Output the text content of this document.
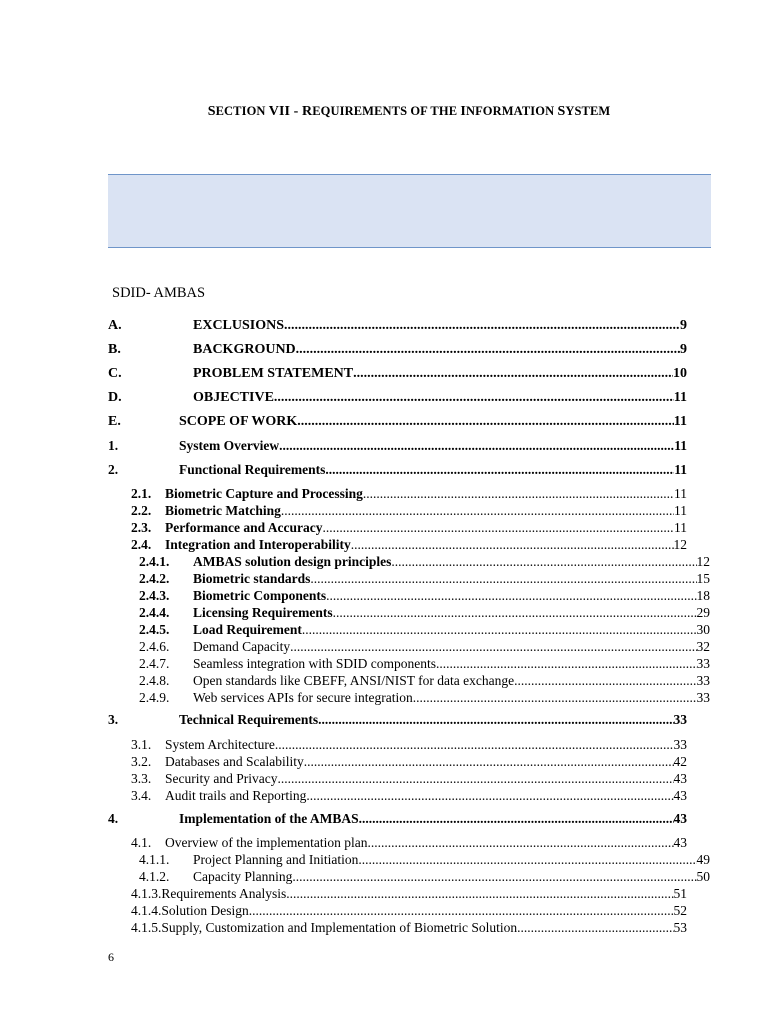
SECTION VII - REQUIREMENTS OF THE INFORMATION SYSTEM
SDID- AMBAS
A.	EXCLUSIONS .....	9
B.	BACKGROUND .....	9
C.	PROBLEM STATEMENT .....	10
D.	OBJECTIVE .....	11
E.	SCOPE OF WORK .....	11
1.	System Overview .....	11
2.	Functional Requirements .....	11
2.1.	Biometric Capture and Processing .....	11
2.2.	Biometric Matching .....	11
2.3.	Performance and Accuracy .....	11
2.4.	Integration and Interoperability .....	12
2.4.1.	AMBAS solution design principles .....	12
2.4.2.	Biometric standards .....	15
2.4.3.	Biometric Components .....	18
2.4.4.	Licensing Requirements .....	29
2.4.5.	Load Requirement .....	30
2.4.6.	Demand Capacity .....	32
2.4.7.	Seamless integration with SDID components .....	33
2.4.8.	Open standards like CBEFF, ANSI/NIST for data exchange .....	33
2.4.9.	Web services APIs for secure integration .....	33
3.	Technical Requirements .....	33
3.1.	System Architecture .....	33
3.2.	Databases and Scalability .....	42
3.3.	Security and Privacy .....	43
3.4.	Audit trails and Reporting .....	43
4.	Implementation of the AMBAS .....	43
4.1.	Overview of the implementation plan .....	43
4.1.1.	Project Planning and Initiation .....	49
4.1.2.	Capacity Planning .....	50
4.1.3. Requirements Analysis .....	51
4.1.4. Solution Design .....	52
4.1.5. Supply, Customization and Implementation of Biometric Solution .....	53
6
